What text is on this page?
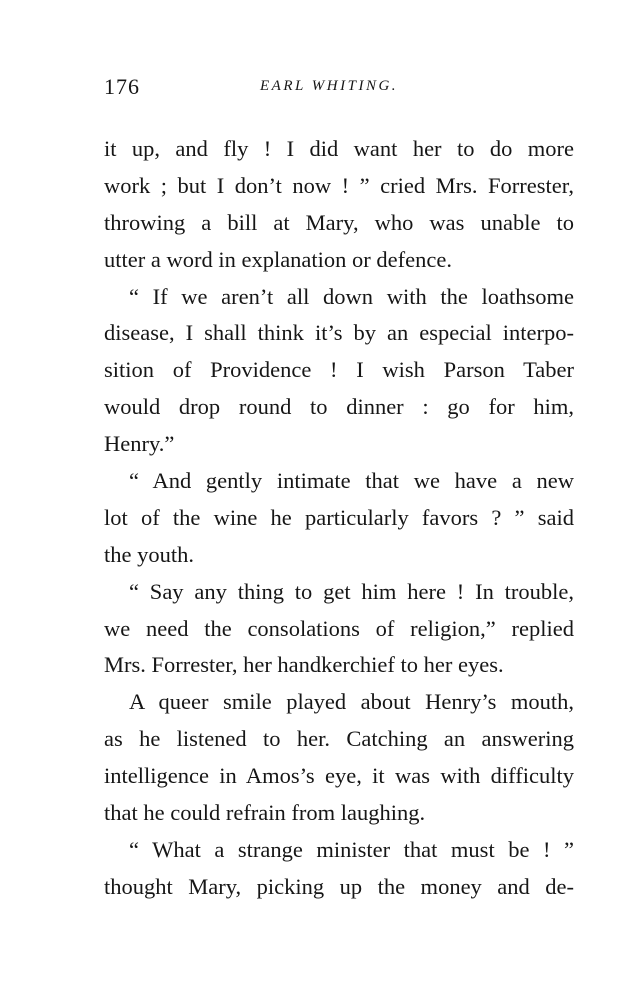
176	EARL WHITING.
it up, and fly ! I did want her to do more
work ; but I don’t now ! ” cried Mrs. Forrester,
throwing a bill at Mary, who was unable to
utter a word in explanation or defence.
“ If we aren’t all down with the loathsome
disease, I shall think it’s by an especial interpo-
sition of Providence ! I wish Parson Taber
would drop round to dinner : go for him,
Henry.”
“ And gently intimate that we have a new
lot of the wine he particularly favors ? ” said
the youth.
“ Say any thing to get him here ! In trouble,
we need the consolations of religion,” replied
Mrs. Forrester, her handkerchief to her eyes.
A queer smile played about Henry’s mouth,
as he listened to her. Catching an answering
intelligence in Amos’s eye, it was with difficulty
that he could refrain from laughing.
“ What a strange minister that must be ! ”
thought Mary, picking up the money and de-
